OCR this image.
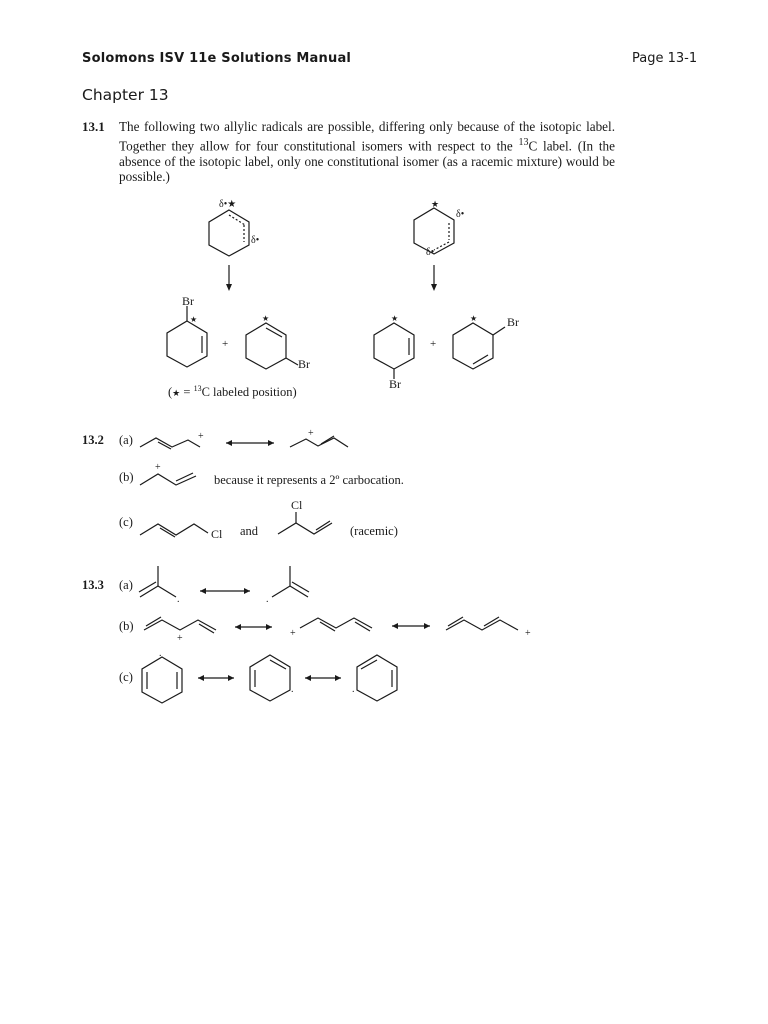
Solomons ISV 11e Solutions Manual	Page 13-1
Chapter 13
13.1 The following two allylic radicals are possible, differing only because of the isotopic label. Together they allow for four constitutional isomers with respect to the $^{13}$C label. (In the absence of the isotopic label, only one constitutional isomer (as a racemic mixture) would be possible.)
δ•★
δ•
★
δ•
δ•
Br
★
+
Br
★
Br
★
+
Br
★
(★ = $^{13}$C labeled position)
13.2 (a)	+	+
(b)
+
because it represents a 2º carbocation.
(c)
Cl and
Cl
(racemic)
13.3 (a)
.	.
(b)
+	+	+
(c)
.
.	.
